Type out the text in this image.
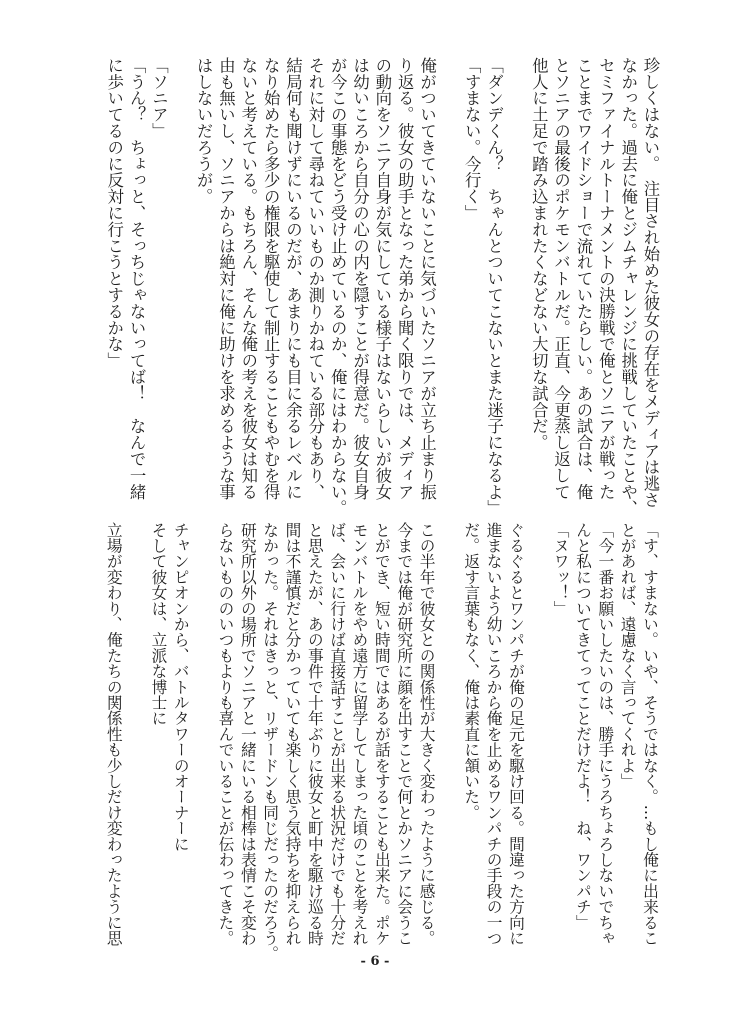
珍しくはない。　注目され始めた彼女の存在をメディアは逃さ
なかった。過去に俺とジムチャレンジに挑戦していたことや、
セミファイナルトーナメントの決勝戦で俺とソニアが戦った
ことまでワイドショーで流れていたらしい。あの試合は、俺
とソニアの最後のポケモンバトルだ。正直、今更蒸し返して
他人に土足で踏み込まれたくなどない大切な試合だ。
「ダンデくん？　ちゃんとついてこないとまた迷子になるよ」
「すまない。今行く」
俺がついてきていないことに気づいたソニアが立ち止まり振
り返る。彼女の助手となった弟から聞く限りでは、メディア
の動向をソニア自身が気にしている様子はないらしいが彼女
は幼いころから自分の心の内を隠すことが得意だ。彼女自身
が今この事態をどう受け止めているのか、俺にはわからない。
それに対して尋ねていいものか測りかねている部分もあり、
結局何も聞けずにいるのだが、あまりにも目に余るレベルに
なり始めたら多少の権限を駆使して制止することもやむを得
ないと考えている。もちろん、そんな俺の考えを彼女は知る
由も無いし、ソニアからは絶対に俺に助けを求めるような事
はしないだろうが。
「ソニア」
「うん？　ちょっと、そっちじゃないってば！　なんで一緒
に歩いてるのに反対に行こうとするかな」
「す、すまない。いや、そうではなく。…もし俺に出来るこ
とがあれば、遠慮なく言ってくれよ」
「今一番お願いしたいのは、勝手にうろちょろしないでちゃ
んと私についてきてってことだけだよ！　ね、ワンパチ」
「ヌワッ！」
ぐるぐるとワンパチが俺の足元を駆け回る。間違った方向に
進まないよう幼いころから俺を止めるワンパチの手段の一つ
だ。返す言葉もなく、俺は素直に頷いた。
この半年で彼女との関係性が大きく変わったように感じる。
今までは俺が研究所に顔を出すことで何とかソニアに会うこ
とができ、短い時間ではあるが話をすることも出来た。ポケ
モンバトルをやめ遠方に留学してしまった頃のことを考えれ
ば、会いに行けば直接話すことが出来る状況だけでも十分だ
と思えたが、あの事件で十年ぶりに彼女と町中を駆け巡る時
間は不謹慎だと分かっていても楽しく思う気持ちを抑えられ
なかった。それはきっと、リザードンも同じだったのだろう。
研究所以外の場所でソニアと一緒にいる相棒は表情こそ変わ
らないもののいつもよりも喜んでいることが伝わってきた。
チャンピオンから、バトルタワーのオーナーに
そして彼女は、立派な博士に
立場が変わり、俺たちの関係性も少しだけ変わったように思
- 6 -
